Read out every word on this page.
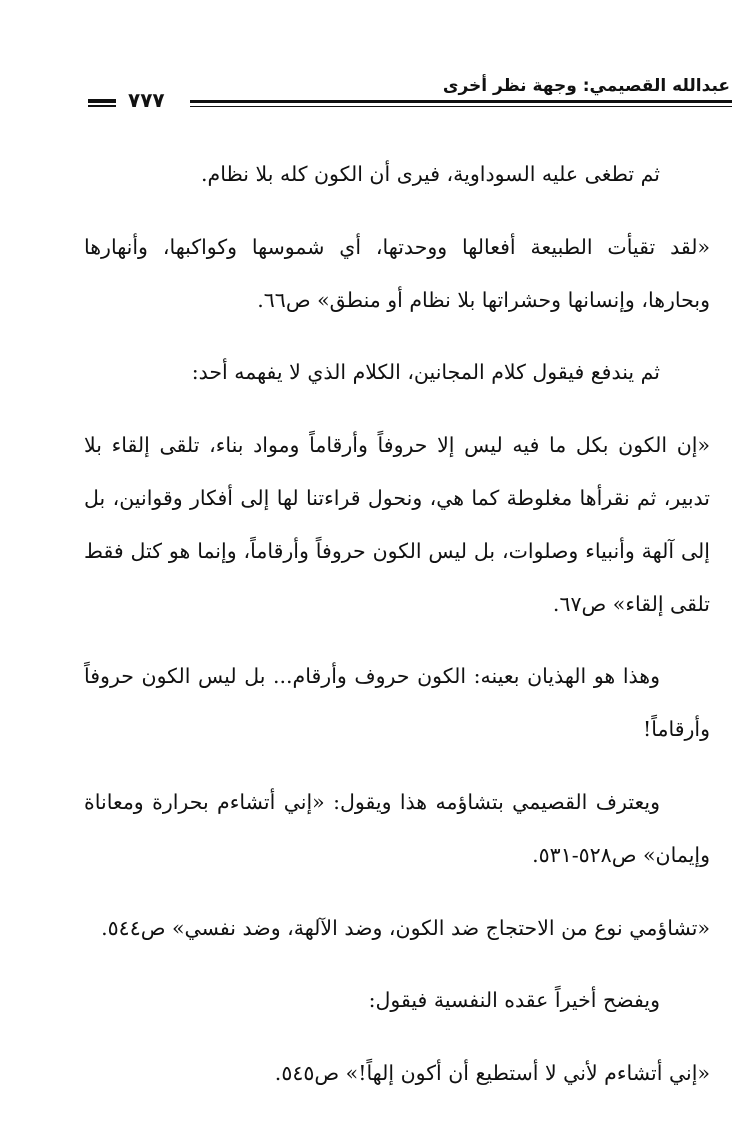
عبدالله القصيمي: وجهة نظر أخرى
٧٧٧

ثم تطغى عليه السوداوية، فيرى أن الكون كله بلا نظام.

«لقد تقيأت الطبيعة أفعالها ووحدتها، أي شموسها وكواكبها، وأنهارها وبحارها، وإنسانها وحشراتها بلا نظام أو منطق» ص٦٦.

ثم يندفع فيقول كلام المجانين، الكلام الذي لا يفهمه أحد:

«إن الكون بكل ما فيه ليس إلا حروفاً وأرقاماً ومواد بناء، تلقى إلقاء بلا تدبير، ثم نقرأها مغلوطة كما هي، ونحول قراءتنا لها إلى أفكار وقوانين، بل إلى آلهة وأنبياء وصلوات، بل ليس الكون حروفاً وأرقاماً، وإنما هو كتل فقط تلقى إلقاء» ص٦٧.

وهذا هو الهذيان بعينه: الكون حروف وأرقام... بل ليس الكون حروفاً وأرقاماً!

ويعترف القصيمي بتشاؤمه هذا ويقول: «إني أتشاءم بحرارة ومعاناة وإيمان» ص٥٢٨-٥٣١.

«تشاؤمي نوع من الاحتجاج ضد الكون، وضد الآلهة، وضد نفسي» ص٥٤٤.

ويفضح أخيراً عقده النفسية فيقول:

«إني أتشاءم لأني لا أستطيع أن أكون إلهاً!» ص٥٤٥.
